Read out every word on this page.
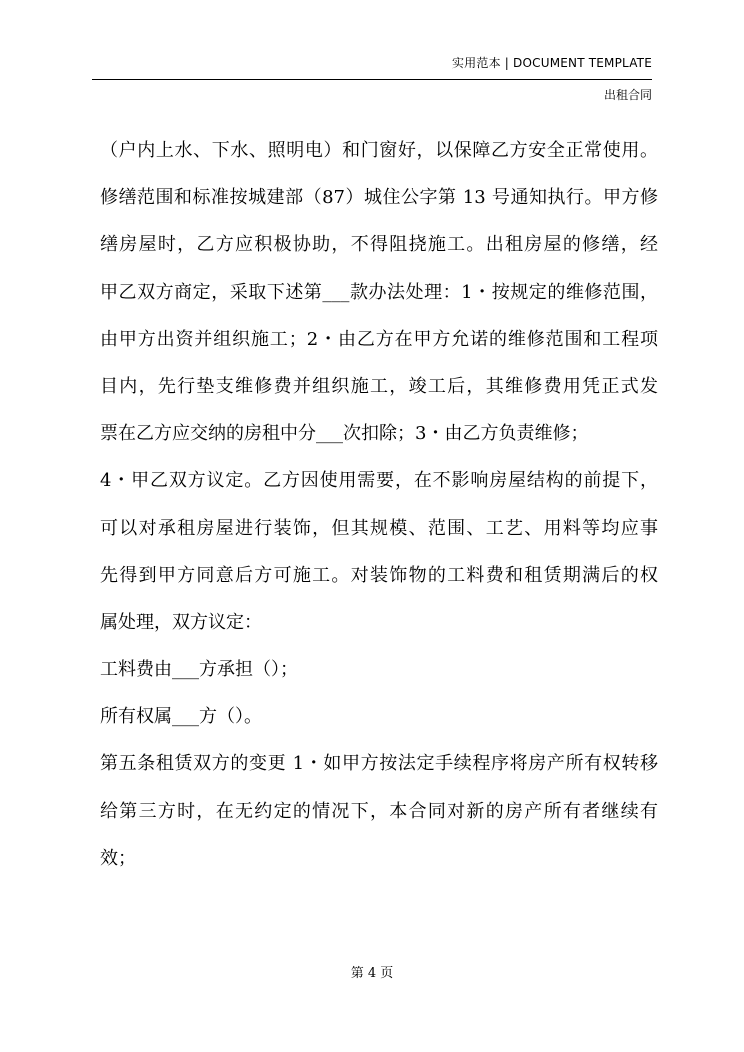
实用范本 | DOCUMENT TEMPLATE
出租合同
（户内上水、下水、照明电）和门窗好，以保障乙方安全正常使用。
修缮范围和标准按城建部（87）城住公字第 13 号通知执行。甲方修
缮房屋时，乙方应积极协助，不得阻挠施工。出租房屋的修缮，经
甲乙双方商定，采取下述第___款办法处理：1・按规定的维修范围，
由甲方出资并组织施工；2・由乙方在甲方允诺的维修范围和工程项
目内，先行垫支维修费并组织施工，竣工后，其维修费用凭正式发
票在乙方应交纳的房租中分___次扣除；3・由乙方负责维修；
4・甲乙双方议定。乙方因使用需要，在不影响房屋结构的前提下，
可以对承租房屋进行装饰，但其规模、范围、工艺、用料等均应事
先得到甲方同意后方可施工。对装饰物的工料费和租赁期满后的权
属处理，双方议定：
工料费由___方承担（）；
所有权属___方（）。
第五条租赁双方的变更 1・如甲方按法定手续程序将房产所有权转移
给第三方时，在无约定的情况下，本合同对新的房产所有者继续有
效；
第 4 页
